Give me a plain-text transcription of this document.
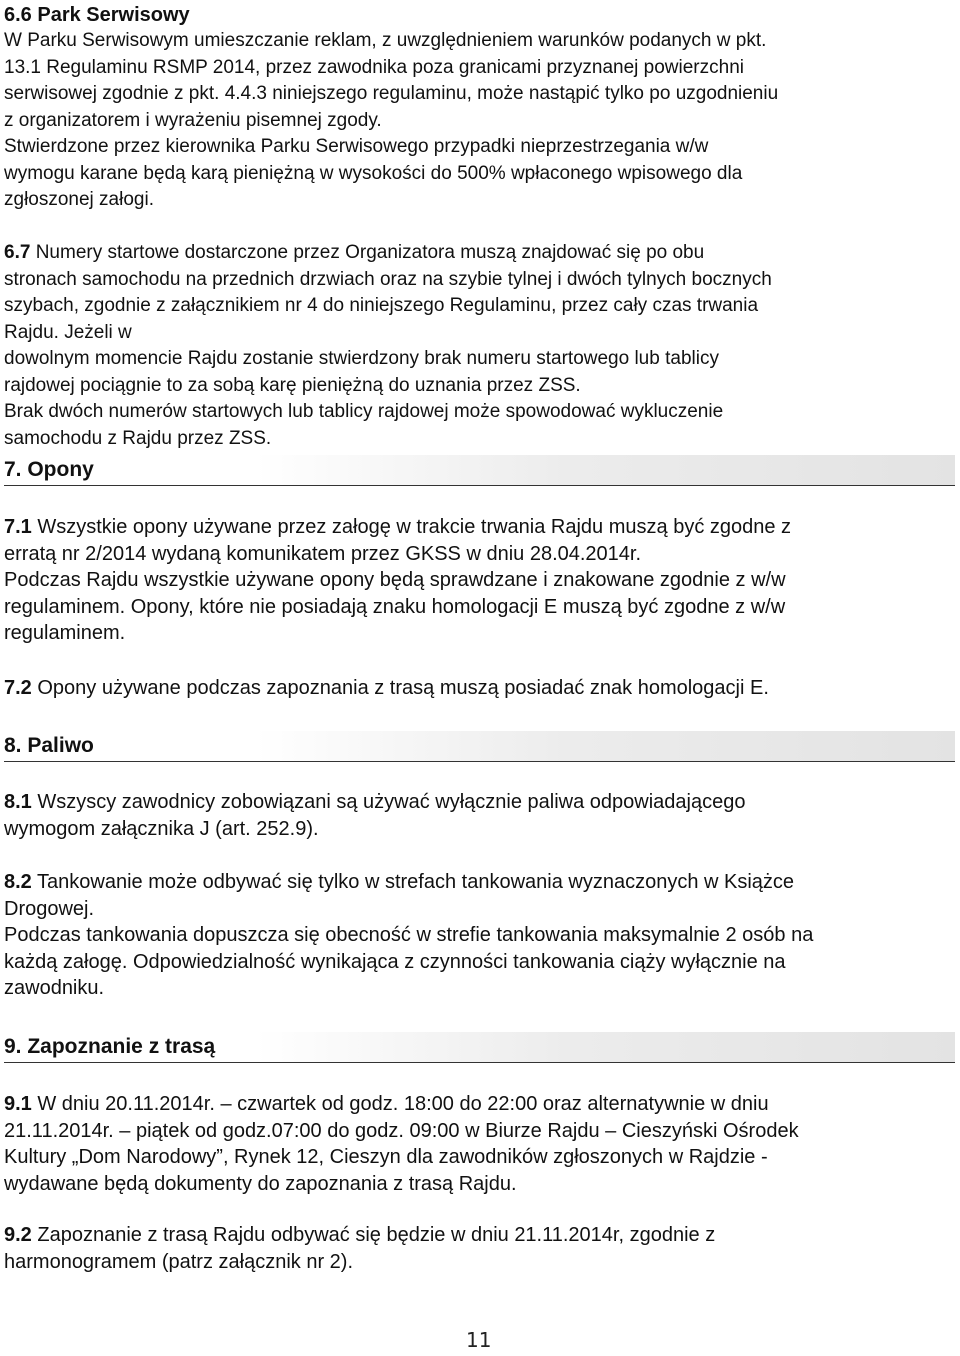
6.6 Park Serwisowy
W Parku Serwisowym umieszczanie reklam, z uwzględnieniem warunków podanych w pkt.
13.1 Regulaminu RSMP 2014, przez zawodnika poza granicami przyznanej powierzchni
serwisowej zgodnie z pkt. 4.4.3 niniejszego regulaminu, może nastąpić tylko po uzgodnieniu
z organizatorem i wyrażeniu pisemnej zgody.
Stwierdzone przez kierownika Parku Serwisowego przypadki nieprzestrzegania w/w
wymogu karane będą karą pieniężną w wysokości do 500% wpłaconego wpisowego dla
zgłoszonej załogi.
6.7 Numery startowe dostarczone przez Organizatora muszą znajdować się po obu
stronach samochodu na przednich drzwiach oraz na szybie tylnej i dwóch tylnych bocznych
szybach, zgodnie z załącznikiem nr 4 do niniejszego Regulaminu, przez cały czas trwania
Rajdu. Jeżeli w
dowolnym momencie Rajdu zostanie stwierdzony brak numeru startowego lub tablicy
rajdowej pociągnie to za sobą karę pieniężną do uznania przez ZSS.
Brak dwóch numerów startowych lub tablicy rajdowej może spowodować wykluczenie
samochodu z Rajdu przez ZSS.
7. Opony
7.1 Wszystkie opony używane przez załogę w trakcie trwania Rajdu muszą być zgodne z
erratą nr 2/2014 wydaną komunikatem przez GKSS w dniu 28.04.2014r.
Podczas Rajdu wszystkie używane opony będą sprawdzane i znakowane zgodnie z w/w
regulaminem. Opony, które nie posiadają znaku homologacji E muszą być zgodne z w/w
regulaminem.
7.2 Opony używane podczas zapoznania z trasą muszą posiadać znak homologacji E.
8. Paliwo
8.1 Wszyscy zawodnicy zobowiązani są używać wyłącznie paliwa odpowiadającego
wymogom załącznika J (art. 252.9).
8.2 Tankowanie może odbywać się tylko w strefach tankowania wyznaczonych w Książce
Drogowej.
Podczas tankowania dopuszcza się obecność w strefie tankowania maksymalnie 2 osób na
każdą załogę. Odpowiedzialność wynikająca z czynności tankowania ciąży wyłącznie na
zawodniku.
9. Zapoznanie z trasą
9.1 W dniu 20.11.2014r. – czwartek od godz. 18:00 do 22:00 oraz alternatywnie w dniu
21.11.2014r. – piątek od godz.07:00 do godz. 09:00 w Biurze Rajdu – Cieszyński Ośrodek
Kultury „Dom Narodowy”, Rynek 12, Cieszyn dla zawodników zgłoszonych w Rajdzie -
wydawane będą dokumenty do zapoznania z trasą Rajdu.
9.2 Zapoznanie z trasą Rajdu odbywać się będzie w dniu 21.11.2014r, zgodnie z
harmonogramem (patrz załącznik nr 2).
11
